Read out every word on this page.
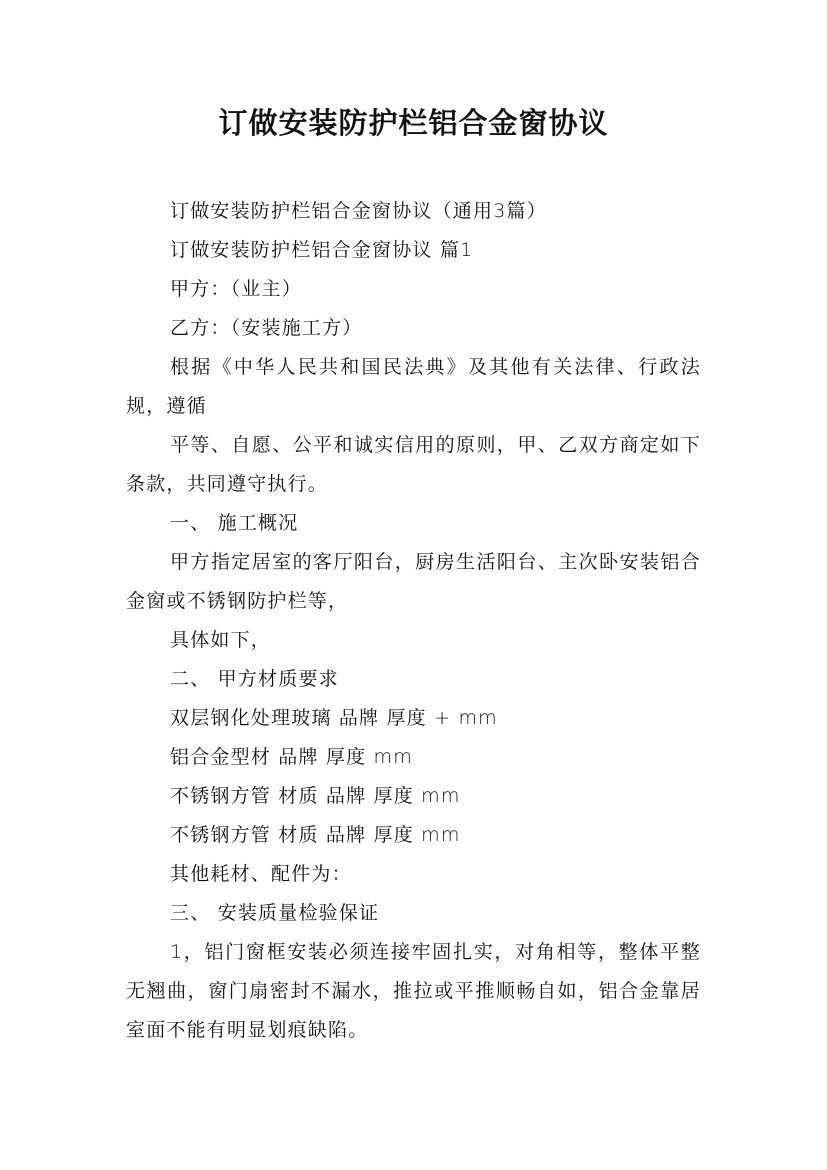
订做安装防护栏铝合金窗协议

订做安装防护栏铝合金窗协议（通用3篇）

订做安装防护栏铝合金窗协议 篇1

甲方：（业主）

乙方：（安装施工方）

根据《中华人民共和国民法典》及其他有关法律、行政法规，遵循

平等、自愿、公平和诚实信用的原则，甲、乙双方商定如下条款，共同遵守执行。

一、 施工概况

甲方指定居室的客厅阳台，厨房生活阳台、主次卧安装铝合金窗或不锈钢防护栏等，

具体如下，

二、 甲方材质要求

双层钢化处理玻璃 品牌 厚度 + mm

铝合金型材 品牌 厚度 mm

不锈钢方管 材质 品牌 厚度 mm

不锈钢方管 材质 品牌 厚度 mm

其他耗材、配件为：

三、 安装质量检验保证

1，铝门窗框安装必须连接牢固扎实，对角相等，整体平整无翘曲，窗门扇密封不漏水，推拉或平推顺畅自如，铝合金靠居室面不能有明显划痕缺陷。
